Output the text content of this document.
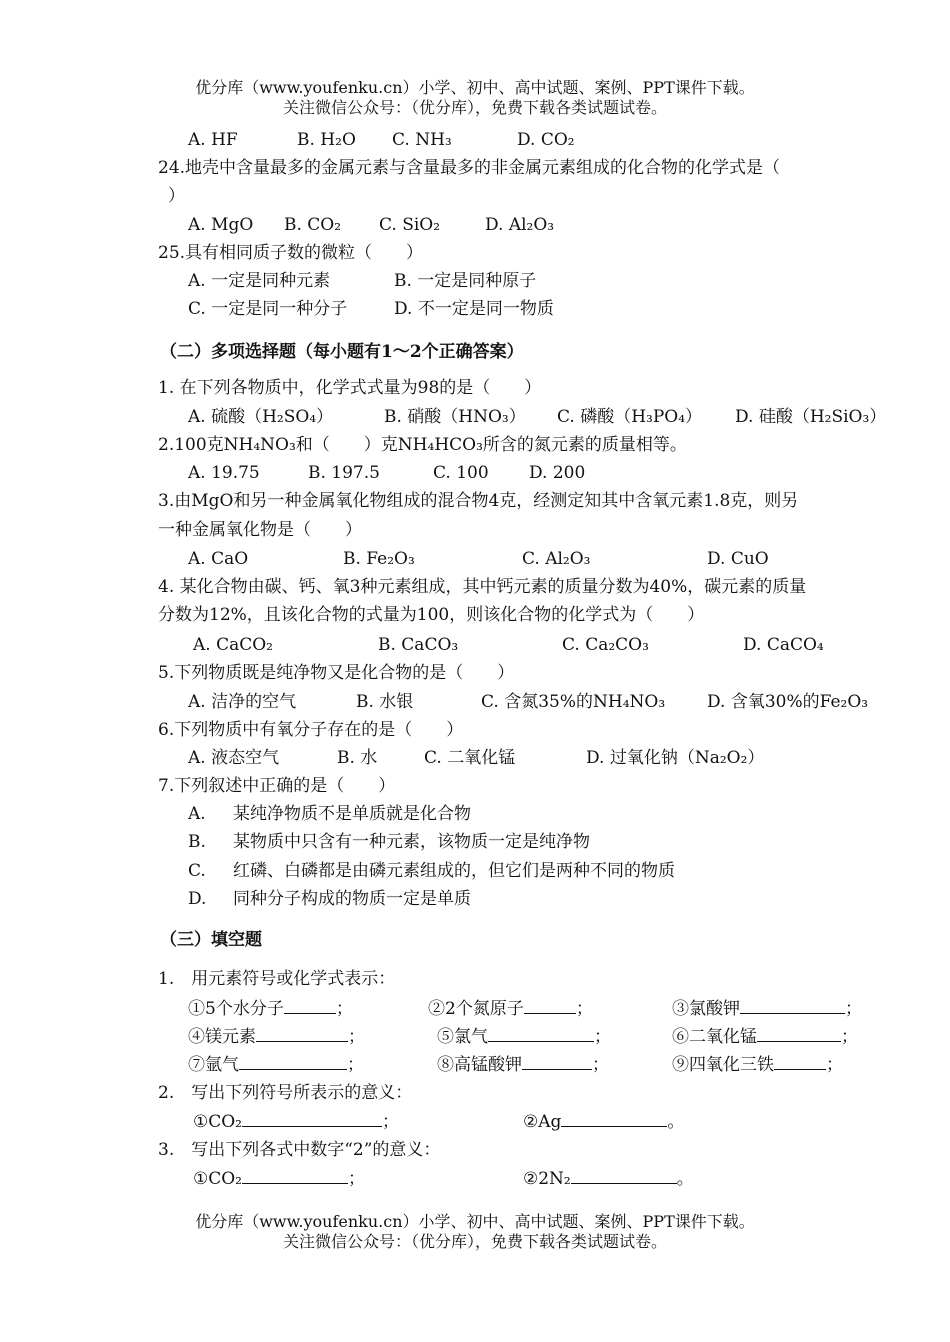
优分库（www.youfenku.cn）小学、初中、高中试题、案例、PPT课件下载。
关注微信公众号：（优分库），免费下载各类试题试卷。
A. HF	B. H₂O C. NH₃	D. CO₂
24.地壳中含量最多的金属元素与含量最多的非金属元素组成的化合物的化学式是（
）
A. MgO B. CO₂ C. SiO₂	D. Al₂O₃
25.具有相同质子数的微粒（　　）
A. 一定是同种元素	B. 一定是同种原子
C. 一定是同一种分子	D. 不一定是同一物质
（二）多项选择题（每小题有1～2个正确答案）
1. 在下列各物质中，化学式式量为98的是（　　）
A. 硫酸（H₂SO₄）	B. 硝酸（HNO₃） C. 磷酸（H₃PO₄） D. 硅酸（H₂SiO₃）
2.100克NH₄NO₃和（　　）克NH₄HCO₃所含的氮元素的质量相等。
A. 19.75	B. 197.5	C. 100 D. 200
3.由MgO和另一种金属氧化物组成的混合物4克，经测定知其中含氧元素1.8克，则另
一种金属氧化物是（　　）
A. CaO	B. Fe₂O₃	C. Al₂O₃	D. CuO
4. 某化合物由碳、钙、氧3种元素组成，其中钙元素的质量分数为40%，碳元素的质量
分数为12%，且该化合物的式量为100，则该化合物的化学式为（　　）
A. CaCO₂	B. CaCO₃	C. Ca₂CO₃	D. CaCO₄
5.下列物质既是纯净物又是化合物的是（　　）
A. 洁净的空气	B. 水银	C. 含氮35%的NH₄NO₃ D. 含氧30%的Fe₂O₃
6.下列物质中有氧分子存在的是（　　）
A. 液态空气	B. 水	C. 二氧化锰	D. 过氧化钠（Na₂O₂）
7.下列叙述中正确的是（　　）
A. 某纯净物质不是单质就是化合物
B. 某物质中只含有一种元素，该物质一定是纯净物
C. 红磷、白磷都是由磷元素组成的，但它们是两种不同的物质
D. 同种分子构成的物质一定是单质
（三）填空题
1.　用元素符号或化学式表示：
①5个水分子	；	②2个氮原子	；	③氯酸钾	；
④镁元素	；	⑤氯气	；	⑥二氧化锰	；
⑦氩气	；	⑧高锰酸钾	；	⑨四氧化三铁	；
2.　写出下列符号所表示的意义：
①CO₂	；	②Ag	。
3.　写出下列各式中数字“2”的意义：
①CO₂	；	②2N₂	。
优分库（www.youfenku.cn）小学、初中、高中试题、案例、PPT课件下载。
关注微信公众号：（优分库），免费下载各类试题试卷。
